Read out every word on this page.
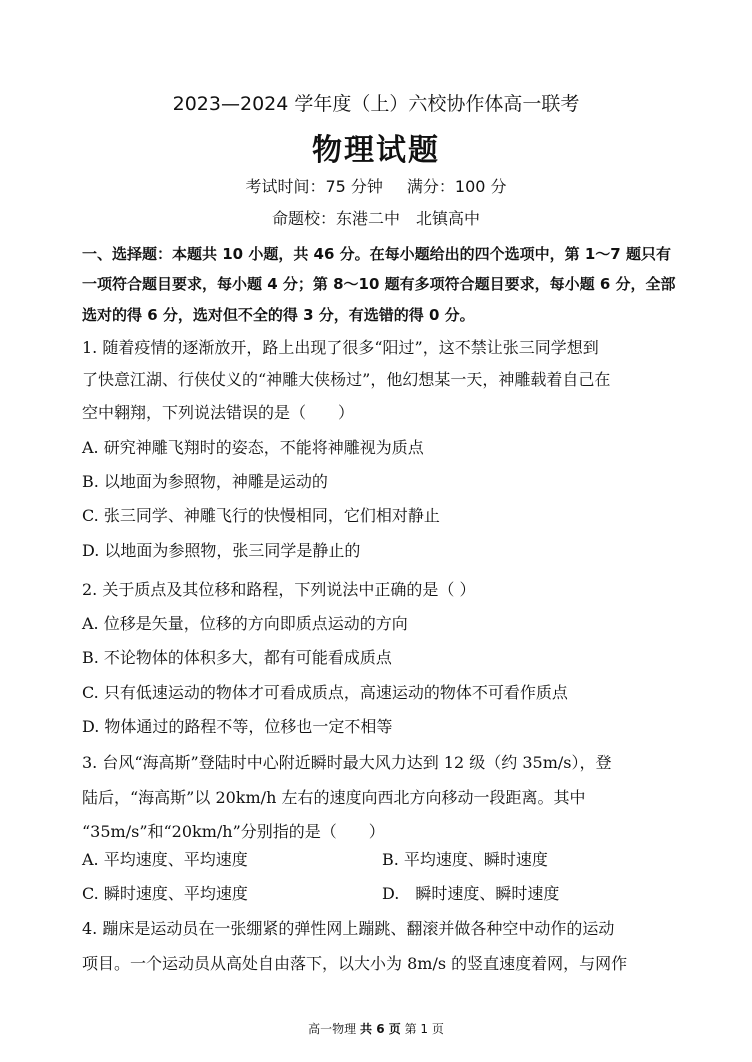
2023—2024 学年度（上）六校协作体高一联考
物理试题
考试时间：75 分钟 满分：100 分
命题校：东港二中　北镇高中
一、选择题：本题共 10 小题，共 46 分。在每小题给出的四个选项中，第 1～7 题只有
一项符合题目要求，每小题 4 分；第 8～10 题有多项符合题目要求，每小题 6 分，全部
选对的得 6 分，选对但不全的得 3 分，有选错的得 0 分。
1. 随着疫情的逐渐放开，路上出现了很多“阳过”，这不禁让张三同学想到
了快意江湖、行侠仗义的“神雕大侠杨过”，他幻想某一天，神雕载着自己在
空中翱翔，下列说法错误的是（　　）
A. 研究神雕飞翔时的姿态，不能将神雕视为质点
B. 以地面为参照物，神雕是运动的
C. 张三同学、神雕飞行的快慢相同，它们相对静止
D. 以地面为参照物，张三同学是静止的
2. 关于质点及其位移和路程，下列说法中正确的是（ ）
A. 位移是矢量，位移的方向即质点运动的方向
B. 不论物体的体积多大，都有可能看成质点
C. 只有低速运动的物体才可看成质点，高速运动的物体不可看作质点
D. 物体通过的路程不等，位移也一定不相等
3. 台风“海高斯”登陆时中心附近瞬时最大风力达到 12 级（约 35m/s），登
陆后，“海高斯”以 20km/h 左右的速度向西北方向移动一段距离。其中
“35m/s”和“20km/h”分别指的是（　　）
A. 平均速度、平均速度	B. 平均速度、瞬时速度
C. 瞬时速度、平均速度	D.　瞬时速度、瞬时速度
4. 蹦床是运动员在一张绷紧的弹性网上蹦跳、翻滚并做各种空中动作的运动
项目。一个运动员从高处自由落下，以大小为 8m/s 的竖直速度着网，与网作
高一物理 共 6 页 第 1 页
